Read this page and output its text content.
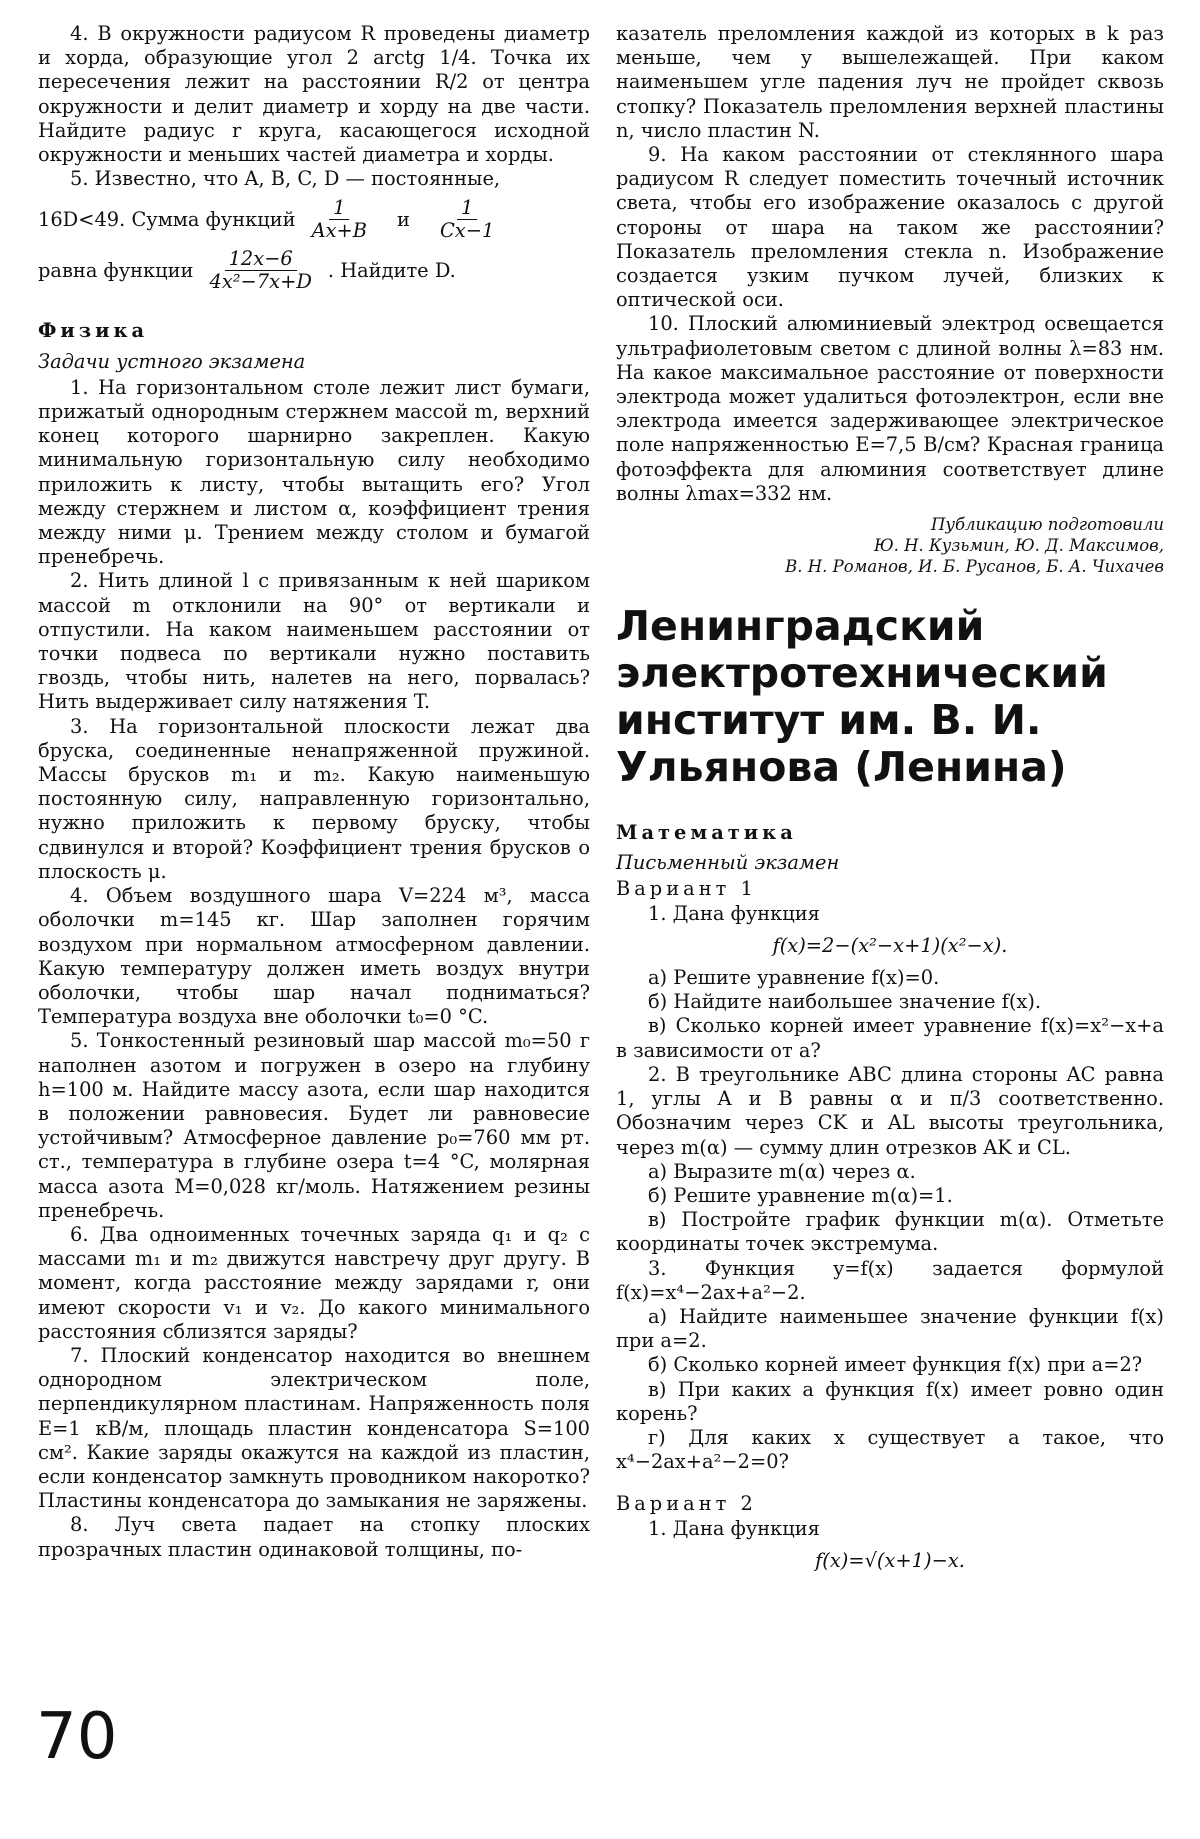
4. В окружности радиусом R проведены диаметр и хорда, образующие угол 2 arctg 1/4. Точка их пересечения лежит на расстоянии R/2 от центра окружности и делит диаметр и хорду на две части. Найдите радиус r круга, касающегося исходной окружности и меньших частей диаметра и хорды.

5. Известно, что A, B, C, D — постоянные,

16D<49. Сумма функций $\frac{1}{Ax+B}$ и $\frac{1}{Cx-1}$
равна функции $\frac{12x-6}{\text{4x²−7x+D}}$ . Найдите D.

Физика

Задачи устного экзамена

1. На горизонтальном столе лежит лист бумаги, прижатый однородным стержнем массой m, верхний конец которого шарнирно закреплен. Какую минимальную горизонтальную силу необходимо приложить к листу, чтобы вытащить его? Угол между стержнем и листом α, коэффициент трения между ними μ. Трением между столом и бумагой пренебречь.

2. Нить длиной l с привязанным к ней шариком массой m отклонили на 90° от вертикали и отпустили. На каком наименьшем расстоянии от точки подвеса по вертикали нужно поставить гвоздь, чтобы нить, налетев на него, порвалась? Нить выдерживает силу натяжения T.

3. На горизонтальной плоскости лежат два бруска, соединенные ненапряженной пружиной. Массы брусков m₁ и m₂. Какую наименьшую постоянную силу, направленную горизонтально, нужно приложить к первому бруску, чтобы сдвинулся и второй? Коэффициент трения брусков о плоскость μ.

4. Объем воздушного шара V=224 м³, масса оболочки m=145 кг. Шар заполнен горячим воздухом при нормальном атмосферном давлении. Какую температуру должен иметь воздух внутри оболочки, чтобы шар начал подниматься? Температура воздуха вне оболочки t₀=0 °C.

5. Тонкостенный резиновый шар массой m₀=50 г наполнен азотом и погружен в озеро на глубину h=100 м. Найдите массу азота, если шар находится в положении равновесия. Будет ли равновесие устойчивым? Атмосферное давление p₀=760 мм рт. ст., температура в глубине озера t=4 °C, молярная масса азота M=0,028 кг/моль. Натяжением резины пренебречь.

6. Два одноименных точечных заряда q₁ и q₂ с массами m₁ и m₂ движутся навстречу друг другу. В момент, когда расстояние между зарядами r, они имеют скорости v₁ и v₂. До какого минимального расстояния сблизятся заряды?

7. Плоский конденсатор находится во внешнем однородном электрическом поле, перпендикулярном пластинам. Напряженность поля E=1 кВ/м, площадь пластин конденсатора S=100 см². Какие заряды окажутся на каждой из пластин, если конденсатор замкнуть проводником накоротко? Пластины конденсатора до замыкания не заряжены.

8. Луч света падает на стопку плоских прозрачных пластин одинаковой толщины, по-

казатель преломления каждой из которых в k раз меньше, чем у вышележащей. При каком наименьшем угле падения луч не пройдет сквозь стопку? Показатель преломления верхней пластины n, число пластин N.

9. На каком расстоянии от стеклянного шара радиусом R следует поместить точечный источник света, чтобы его изображение оказалось с другой стороны от шара на таком же расстоянии? Показатель преломления стекла n. Изображение создается узким пучком лучей, близких к оптической оси.

10. Плоский алюминиевый электрод освещается ультрафиолетовым светом с длиной волны λ=83 нм. На какое максимальное расстояние от поверхности электрода может удалиться фотоэлектрон, если вне электрода имеется задерживающее электрическое поле напряженностью E=7,5 В/см? Красная граница фотоэффекта для алюминия соответствует длине волны λmax=332 нм.

Публикацию подготовили

Ю. Н. Кузьмин, Ю. Д. Максимов,

В. Н. Романов, И. Б. Русанов, Б. А. Чихачев

Ленинградский электротехнический институт им. В. И. Ульянова (Ленина)

Математика

Письменный экзамен

Вариант 1

1. Дана функция

f(x)=2−(x²−x+1)(x²−x).

а) Решите уравнение f(x)=0.

б) Найдите наибольшее значение f(x).

в) Сколько корней имеет уравнение f(x)=x²−x+a в зависимости от a?

2. В треугольнике ABC длина стороны AC равна 1, углы A и B равны α и π/3 соответственно. Обозначим через CK и AL высоты треугольника, через m(α) — сумму длин отрезков AK и CL.

а) Выразите m(α) через α.

б) Решите уравнение m(α)=1.

в) Постройте график функции m(α). Отметьте координаты точек экстремума.

3. Функция y=f(x) задается формулой f(x)=x⁴−2ax+a²−2.

а) Найдите наименьшее значение функции f(x) при a=2.

б) Сколько корней имеет функция f(x) при a=2?

в) При каких a функция f(x) имеет ровно один корень?

г) Для каких x существует a такое, что x⁴−2ax+a²−2=0?

Вариант 2

1. Дана функция

f(x)=√(x+1)−x.

70
